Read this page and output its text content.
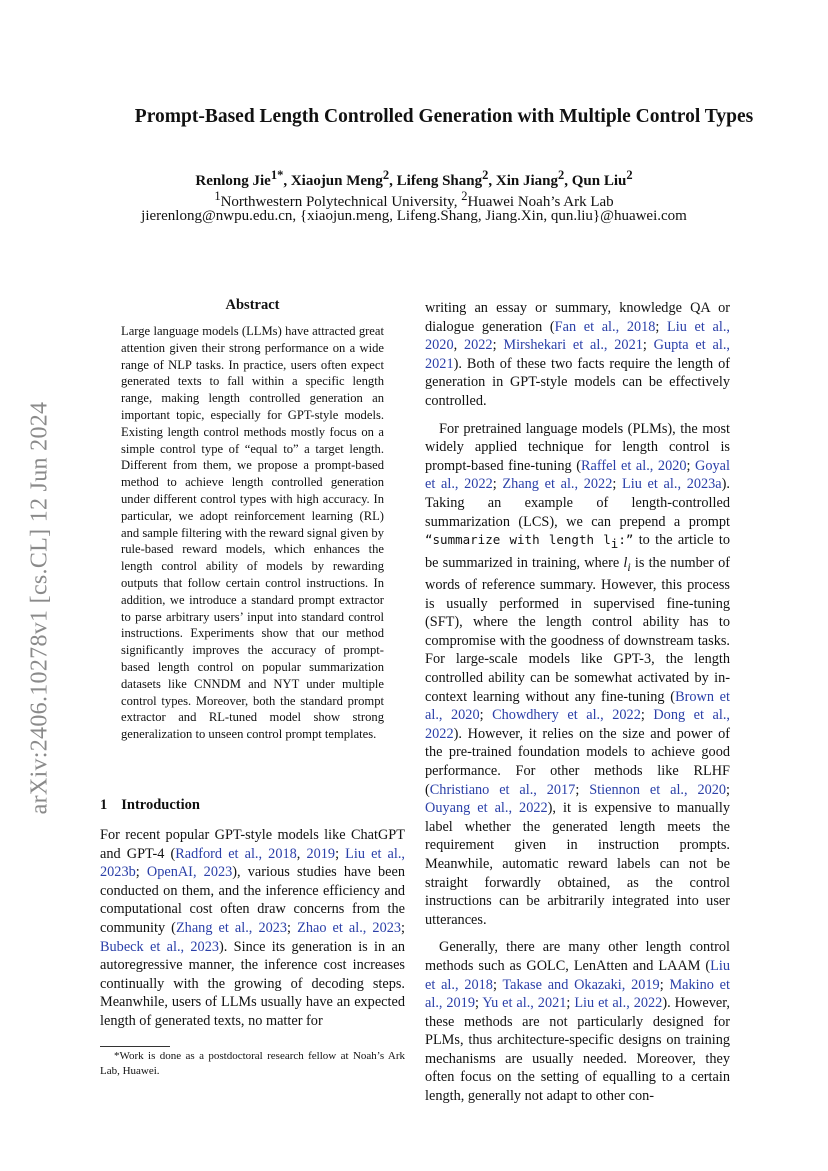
arXiv:2406.10278v1 [cs.CL] 12 Jun 2024
Prompt-Based Length Controlled Generation with Multiple Control Types
Renlong Jie$^{1*}$, Xiaojun Meng$^2$, Lifeng Shang$^2$, Xin Jiang$^2$, Qun Liu$^2$
$^1$Northwestern Polytechnical University, $^2$Huawei Noah’s Ark Lab
jierenlong@nwpu.edu.cn, {xiaojun.meng, Lifeng.Shang, Jiang.Xin, qun.liu}@huawei.com
Abstract
Large language models (LLMs) have attracted great attention given their strong performance on a wide range of NLP tasks. In practice, users often expect generated texts to fall within a specific length range, making length controlled generation an important topic, especially for GPT-style models. Existing length control methods mostly focus on a simple control type of “equal to” a target length. Different from them, we propose a prompt-based method to achieve length controlled generation under different control types with high accuracy. In particular, we adopt reinforcement learning (RL) and sample filtering with the reward signal given by rule-based reward models, which enhances the length control ability of models by rewarding outputs that follow certain control instructions. In addition, we introduce a standard prompt extractor to parse arbitrary users’ input into standard control instructions. Experiments show that our method significantly improves the accuracy of prompt-based length control on popular summarization datasets like CNNDM and NYT under multiple control types. Moreover, both the standard prompt extractor and RL-tuned model show strong generalization to unseen control prompt templates.
1 Introduction

For recent popular GPT-style models like ChatGPT and GPT-4 (Radford et al., 2018, 2019; Liu et al., 2023b; OpenAI, 2023), various studies have been conducted on them, and the inference efficiency and computational cost often draw concerns from the community (Zhang et al., 2023; Zhao et al., 2023; Bubeck et al., 2023). Since its generation is in an autoregressive manner, the inference cost increases continually with the growing of decoding steps. Meanwhile, users of LLMs usually have an expected length of generated texts, no matter for

writing an essay or summary, knowledge QA or dialogue generation (Fan et al., 2018; Liu et al., 2020, 2022; Mirshekari et al., 2021; Gupta et al., 2021). Both of these two facts require the length of generation in GPT-style models can be effectively controlled.

For pretrained language models (PLMs), the most widely applied technique for length control is prompt-based fine-tuning (Raffel et al., 2020; Goyal et al., 2022; Zhang et al., 2022; Liu et al., 2023a). Taking an example of length-controlled summarization (LCS), we can prepend a prompt “summarize with length $l_i$:” to the article to be summarized in training, where $l_i$ is the number of words of reference summary. However, this process is usually performed in supervised fine-tuning (SFT), where the length control ability has to compromise with the goodness of downstream tasks. For large-scale models like GPT-3, the length controlled ability can be somewhat activated by in-context learning without any fine-tuning (Brown et al., 2020; Chowdhery et al., 2022; Dong et al., 2022). However, it relies on the size and power of the pre-trained foundation models to achieve good performance. For other methods like RLHF (Christiano et al., 2017; Stiennon et al., 2020; Ouyang et al., 2022), it is expensive to manually label whether the generated length meets the requirement given in instruction prompts. Meanwhile, automatic reward labels can not be straight forwardly obtained, as the control instructions can be arbitrarily integrated into user utterances.

Generally, there are many other length control methods such as GOLC, LenAtten and LAAM (Liu et al., 2018; Takase and Okazaki, 2019; Makino et al., 2019; Yu et al., 2021; Liu et al., 2022). However, these methods are not particularly designed for PLMs, thus architecture-specific designs on training mechanisms are usually needed. Moreover, they often focus on the setting of equalling to a certain length, generally not adapt to other con-

*Work is done as a postdoctoral research fellow at Noah’s Ark Lab, Huawei.
